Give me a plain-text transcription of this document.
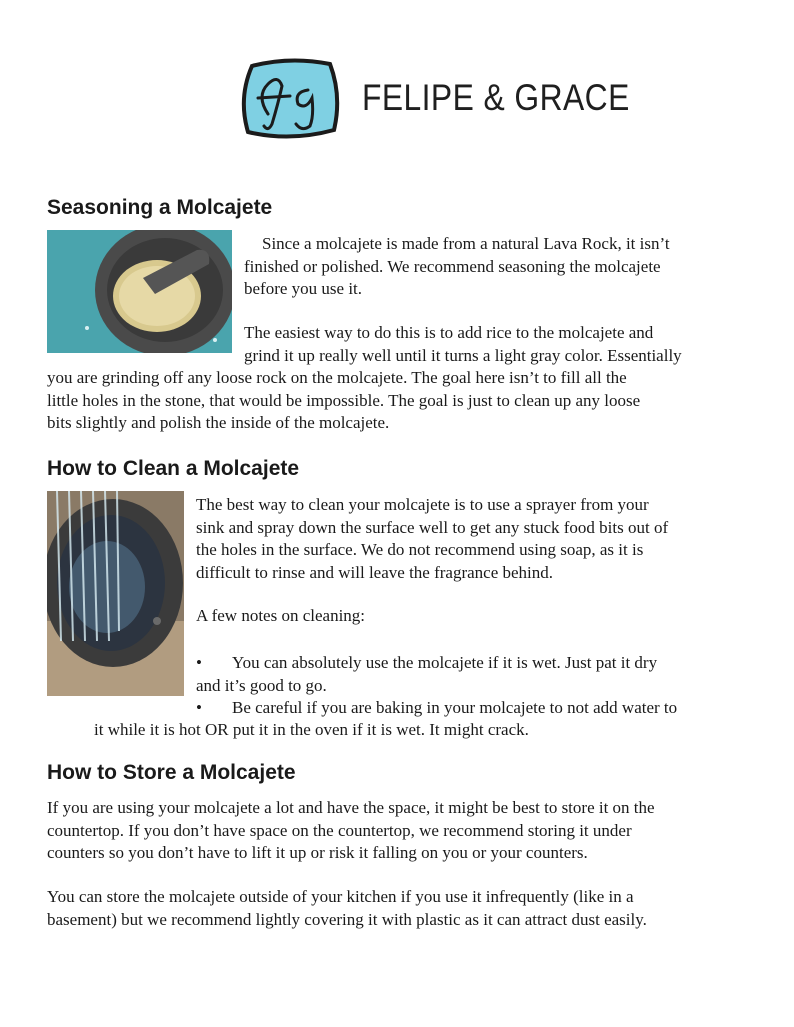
FELIPE & GRACE
Seasoning a Molcajete
Since a molcajete is made from a natural Lava Rock, it isn’t
finished or polished. We recommend seasoning the molcajete
before you use it.
The easiest way to do this is to add rice to the molcajete and
grind it up really well until it turns a light gray color. Essentially
you are grinding off any loose rock on the molcajete. The goal here isn’t to fill all the
little holes in the stone, that would be impossible. The goal is just to clean up any loose
bits slightly and polish the inside of the molcajete.
How to Clean a Molcajete
The best way to clean your molcajete is to use a sprayer from your
sink and spray down the surface well to get any stuck food bits out of
the holes in the surface. We do not recommend using soap, as it is
difficult to rinse and will leave the fragrance behind.
A few notes on cleaning:
•	You can absolutely use the molcajete if it is wet. Just pat it dry
and it’s good to go.
• Be careful if you are baking in your molcajete to not add water to
it while it is hot OR put it in the oven if it is wet. It might crack.
How to Store a Molcajete
If you are using your molcajete a lot and have the space, it might be best to store it on the
countertop. If you don’t have space on the countertop, we recommend storing it under
counters so you don’t have to lift it up or risk it falling on you or your counters.
You can store the molcajete outside of your kitchen if you use it infrequently (like in a
basement) but we recommend lightly covering it with plastic as it can attract dust easily.
